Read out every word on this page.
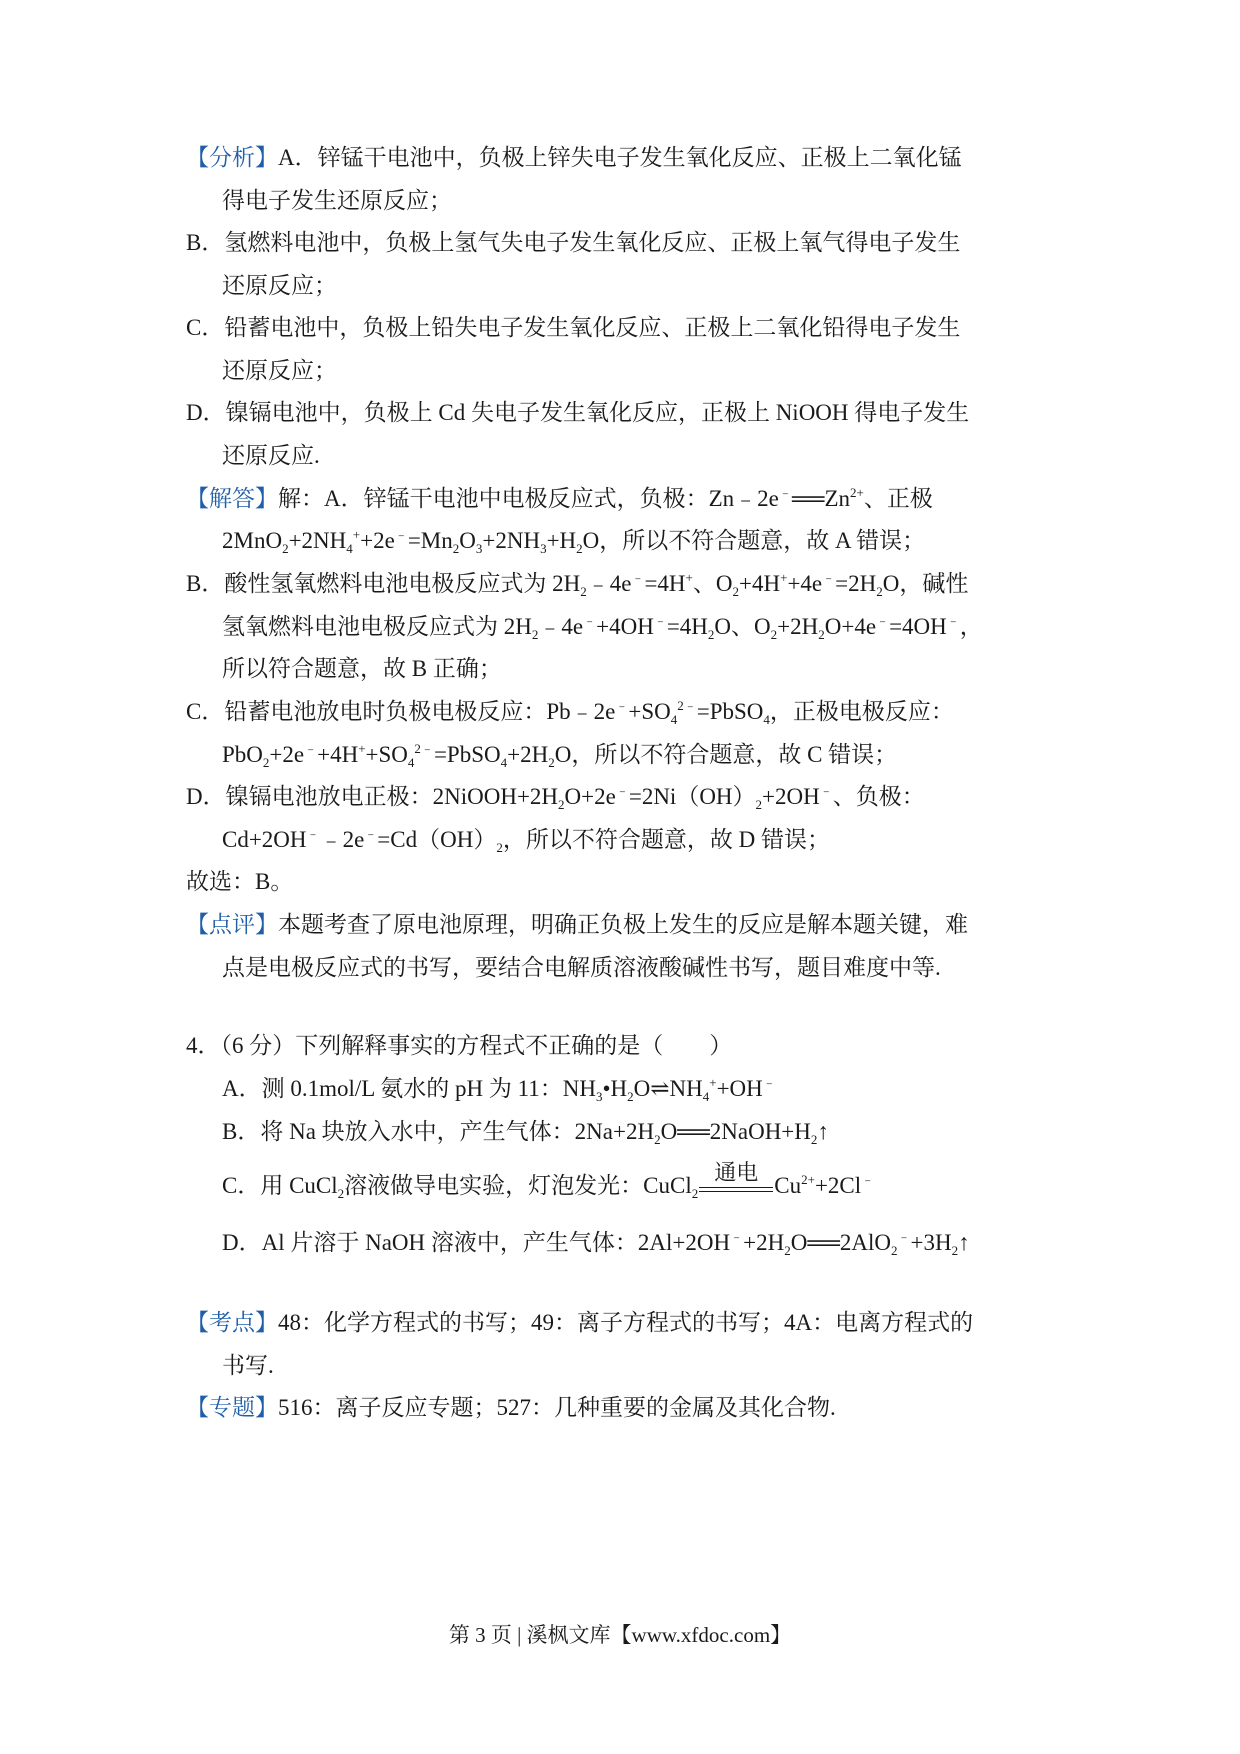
【分析】A．锌锰干电池中，负极上锌失电子发生氧化反应、正极上二氧化锰
得电子发生还原反应；
B．氢燃料电池中，负极上氢气失电子发生氧化反应、正极上氧气得电子发生
还原反应；
C．铅蓄电池中，负极上铅失电子发生氧化反应、正极上二氧化铅得电子发生
还原反应；
D．镍镉电池中，负极上 Cd 失电子发生氧化反应，正极上 NiOOH 得电子发生
还原反应.
【解答】解：A．锌锰干电池中电极反应式，负极：$Zn﹣2e^﹣══Zn^{2+}$、正极
$2MnO_2+2NH_4^++2e^﹣=Mn_2O_3+2NH_3+H_2O$，所以不符合题意，故 A 错误；
B．酸性氢氧燃料电池电极反应式为 $2H_2﹣4e^﹣=4H^+$、$O_2+4H^++4e^﹣=2H_2O$，碱性
氢氧燃料电池电极反应式为 $2H_2﹣4e^﹣+4OH^﹣=4H_2O$、$O_2+2H_2O+4e^﹣=4OH^﹣$，
所以符合题意，故 B 正确；
C．铅蓄电池放电时负极电极反应：$Pb﹣2e^﹣+SO_4^{2﹣}=PbSO_4$，正极电极反应：
$PbO_2+2e^﹣+4H^++SO_4^{2﹣}=PbSO_4+2H_2O$，所以不符合题意，故 C 错误；
D．镍镉电池放电正极：$2NiOOH+2H_2O+2e^﹣=2Ni(OH)_2+2OH^﹣$、负极：
$Cd+2OH^﹣﹣2e^﹣=Cd(OH)_2$，所以不符合题意，故 D 错误；
故选：B。
【点评】本题考查了原电池原理，明确正负极上发生的反应是解本题关键，难
点是电极反应式的书写，要结合电解质溶液酸碱性书写，题目难度中等.
4．（6 分）下列解释事实的方程式不正确的是（　　）
A．测 0.1mol/L 氨水的 pH 为 11：$NH_3•H_2O\rightleftharpoons NH_4^++OH^﹣$
B．将 Na 块放入水中，产生气体：$2Na+2H_2O══2NaOH+H_2↑$
C．用 CuCl$_2$溶液做导电实验，灯泡发光：CuCl$_2$
通电 $Cu^{2+}+2Cl^﹣$
D．Al 片溶于 NaOH 溶液中，产生气体：$2Al+2OH^﹣+2H_2O══2AlO_2^﹣+3H_2↑$
【考点】48：化学方程式的书写；49：离子方程式的书写；4A：电离方程式的
书写.
【专题】516：离子反应专题；527：几种重要的金属及其化合物.
第 3 页 | 溪枫文库【www.xfdoc.com】
